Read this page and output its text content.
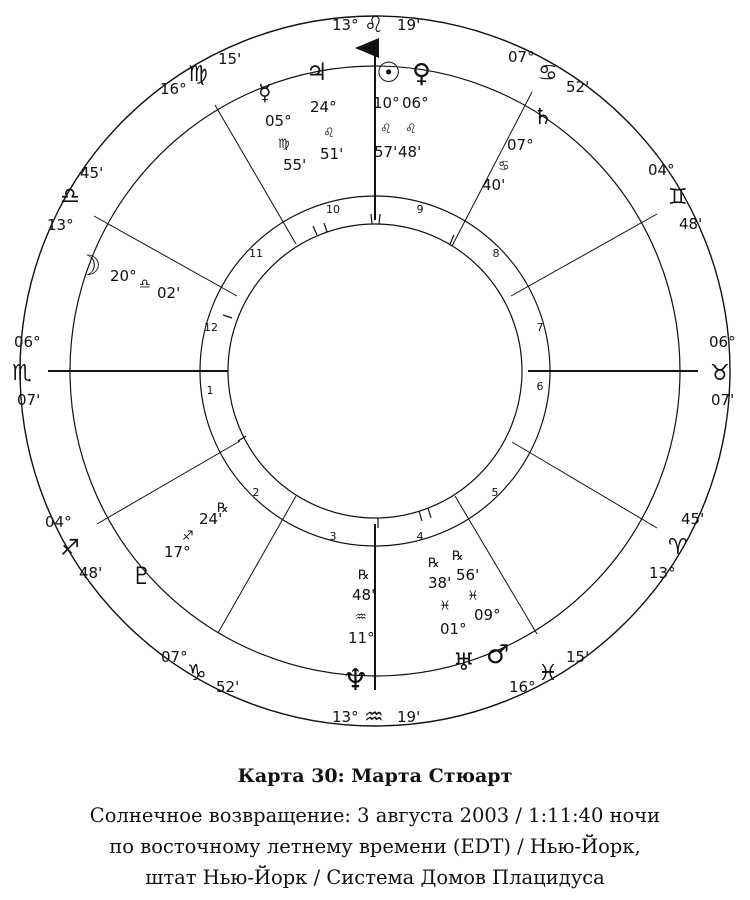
1
2
3	4
5
6
7
8
9
10
11
12
13° ♌ 19'
07°
♋
52'
04°
♊
48'
06°
♉
07'
45'
♈
13°
16°
♓
15'
13° ♒ 19'
07°
♑
52'
04°
♐
48'
06°
♏
07'
13°
♎
45'
16°
♍
15'	☉
10°
♌
57'
♀
06°
♌
48'
♃
24°
♌
51'
☿
05°
♍
55'
♄
07°
♋
40'
☽ 20° ♎ 02'
♇
17°
♐
24'
℞
℞
48'
♒
11°
♆
℞
38'
♓
01°
♅
℞
56'
♓
09°
♂
Карта 30: Марта Стюарт
Солнечное возвращение: 3 августа 2003 / 1:11:40 ночи
по восточному летнему времени (EDT) / Нью-Йорк,
штат Нью-Йорк / Система Домов Плацидуса
